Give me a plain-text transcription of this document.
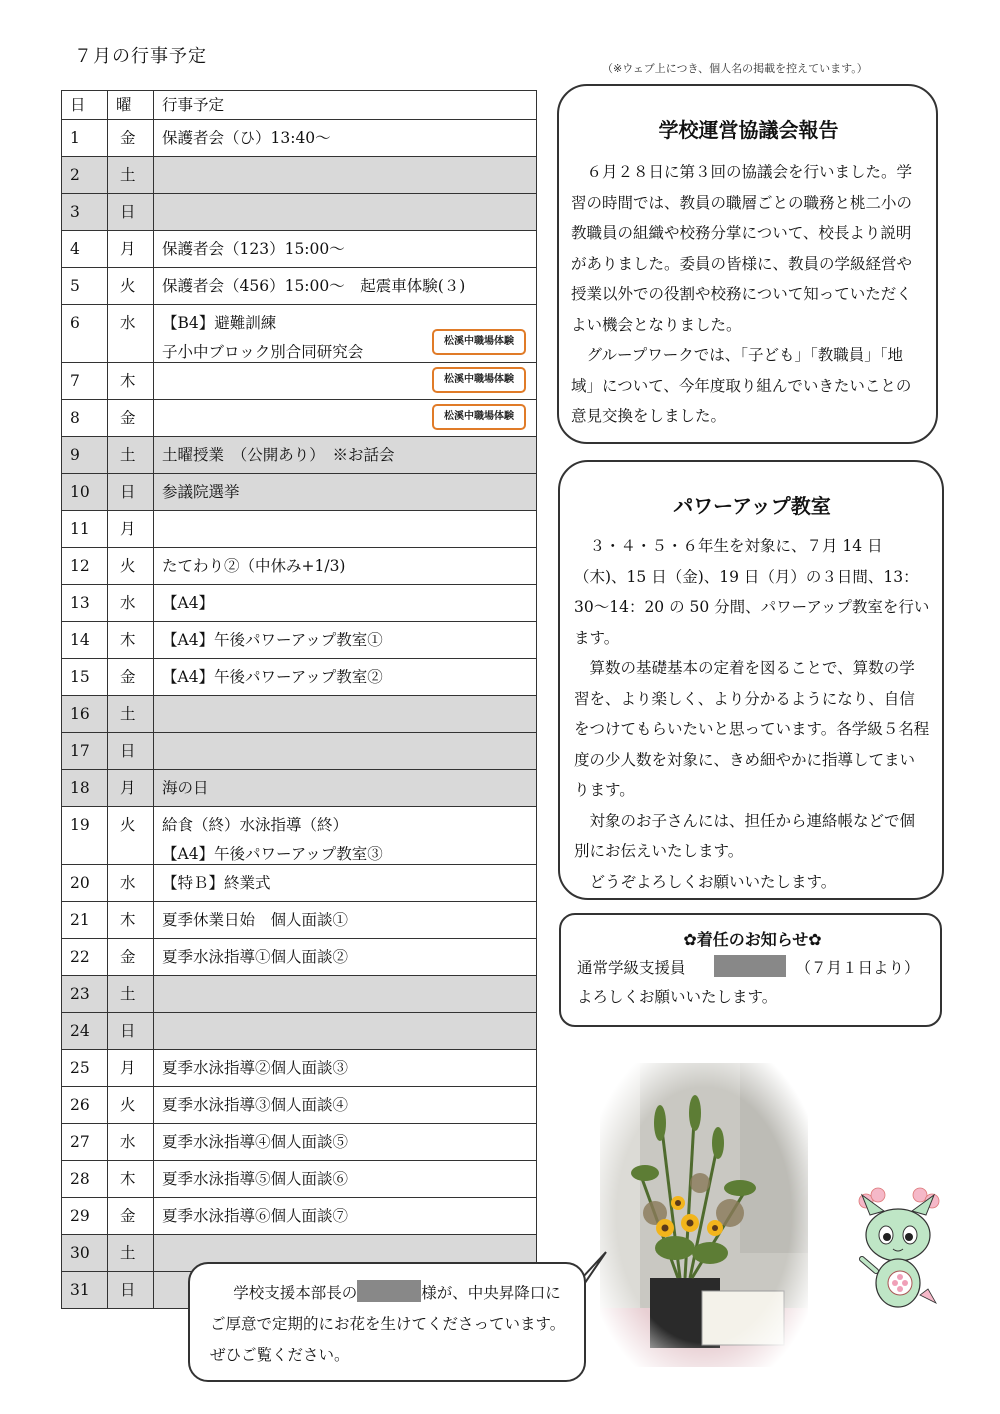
７月の行事予定
（※ウェブ上につき、個人名の掲載を控えています。）
日	曜	行事予定
1	金	保護者会（ひ）13:40～

2	土	
3	日	
4	月	保護者会（123）15:00～

5	火	保護者会（456）15:00～　起震車体験(３)

6	水	【B4】避難訓練
子小中ブロック別合同研究会
松溪中職場体験

7	木	松溪中職場体験

8	金	松溪中職場体験

9	土	土曜授業　（公開あり）　※お話会

10	日	参議院選挙

11	月	
12	火	たてわり②（中休み+1/3)

13	水	【A4】

14	木	【A4】午後パワーアップ教室①

15	金	【A4】午後パワーアップ教室②

16	土	
17	日	
18	月	海の日

19	火	給食（終）水泳指導（終）
【A4】午後パワーアップ教室③

20	水	【特Ｂ】終業式

21	木	夏季休業日始　個人面談①

22	金	夏季水泳指導①個人面談②

23	土	
24	日	
25	月	夏季水泳指導②個人面談③

26	火	夏季水泳指導③個人面談④

27	水	夏季水泳指導④個人面談⑤

28	木	夏季水泳指導⑤個人面談⑥

29	金	夏季水泳指導⑥個人面談⑦

30	土	
31	日	
学校運営協議会報告

６月２８日に第３回の協議会を行いました。学習の時間では、教員の職層ごとの職務と桃二小の教職員の組織や校務分掌について、校長より説明がありました。委員の皆様に、教員の学級経営や授業以外での役割や校務について知っていただくよい機会となりました。

グループワークでは、「子ども」「教職員」「地域」について、今年度取り組んでいきたいことの意見交換をしました。

パワーアップ教室

３・４・５・６年生を対象に、７月 14 日（木)、15 日（金)、19 日（月）の３日間、13：30～14：20 の 50 分間、パワーアップ教室を行います。

算数の基礎基本の定着を図ることで、算数の学習を、より楽しく、より分かるようになり、自信をつけてもらいたいと思っています。各学級５名程度の少人数を対象に、きめ細やかに指導してまいります。

対象のお子さんには、担任から連絡帳などで個別にお伝えいたします。

どうぞよろしくお願いいたします。

✿着任のお知らせ✿

通常学級支援員	（７月１日より）

よろしくお願いいたします。

学校支援本部長の	様が、中央昇降口にご厚意で定期的にお花を生けてくださっています。ぜひご覧ください。
